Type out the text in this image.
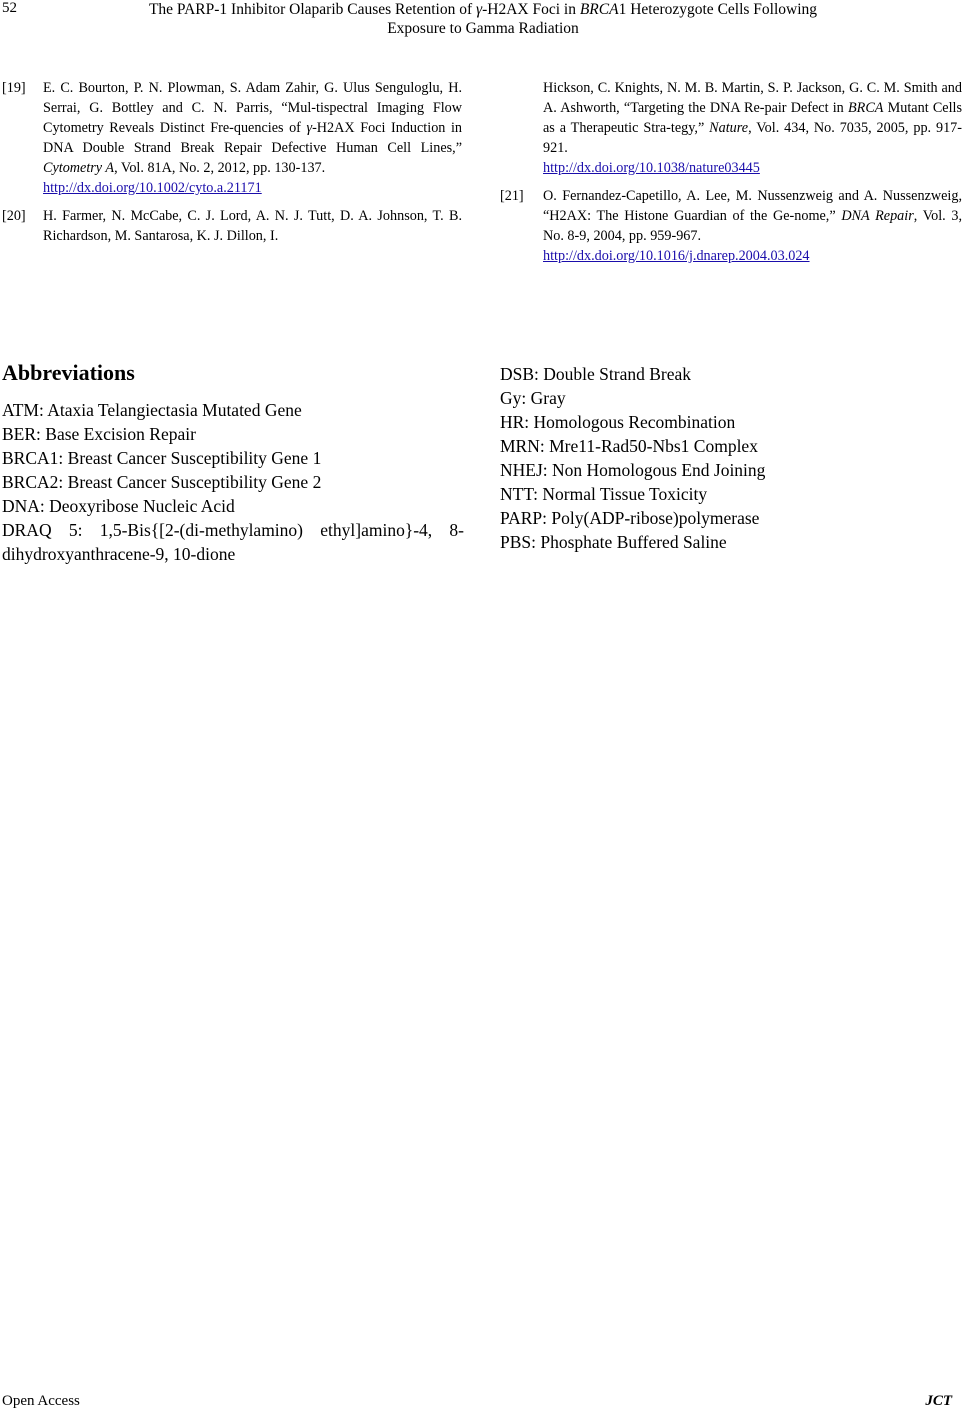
52	The PARP-1 Inhibitor Olaparib Causes Retention of γ-H2AX Foci in BRCA1 Heterozygote Cells Following
Exposure to Gamma Radiation
[19] E. C. Bourton, P. N. Plowman, S. Adam Zahir, G. Ulus Senguloglu, H. Serrai, G. Bottley and C. N. Parris, “Mul-tispectral Imaging Flow Cytometry Reveals Distinct Fre-quencies of γ-H2AX Foci Induction in DNA Double Strand Break Repair Defective Human Cell Lines,” Cytometry A, Vol. 81A, No. 2, 2012, pp. 130-137.
http://dx.doi.org/10.1002/cyto.a.21171
[20] H. Farmer, N. McCabe, C. J. Lord, A. N. J. Tutt, D. A. Johnson, T. B. Richardson, M. Santarosa, K. J. Dillon, I.
Hickson, C. Knights, N. M. B. Martin, S. P. Jackson, G. C. M. Smith and A. Ashworth, “Targeting the DNA Re-pair Defect in BRCA Mutant Cells as a Therapeutic Stra-tegy,” Nature, Vol. 434, No. 7035, 2005, pp. 917-921.
http://dx.doi.org/10.1038/nature03445
[21] O. Fernandez-Capetillo, A. Lee, M. Nussenzweig and A. Nussenzweig, “H2AX: The Histone Guardian of the Ge-nome,” DNA Repair, Vol. 3, No. 8-9, 2004, pp. 959-967.
http://dx.doi.org/10.1016/j.dnarep.2004.03.024
Abbreviations
ATM: Ataxia Telangiectasia Mutated Gene
BER: Base Excision Repair
BRCA1: Breast Cancer Susceptibility Gene 1
BRCA2: Breast Cancer Susceptibility Gene 2
DNA: Deoxyribose Nucleic Acid
DRAQ 5: 1,5-Bis{[2-(di-methylamino) ethyl]amino}-4, 8-dihydroxyanthracene-9, 10-dione
DSB: Double Strand Break
Gy: Gray
HR: Homologous Recombination
MRN: Mre11-Rad50-Nbs1 Complex
NHEJ: Non Homologous End Joining
NTT: Normal Tissue Toxicity
PARP: Poly(ADP-ribose)polymerase
PBS: Phosphate Buffered Saline
Open Access	JCT
